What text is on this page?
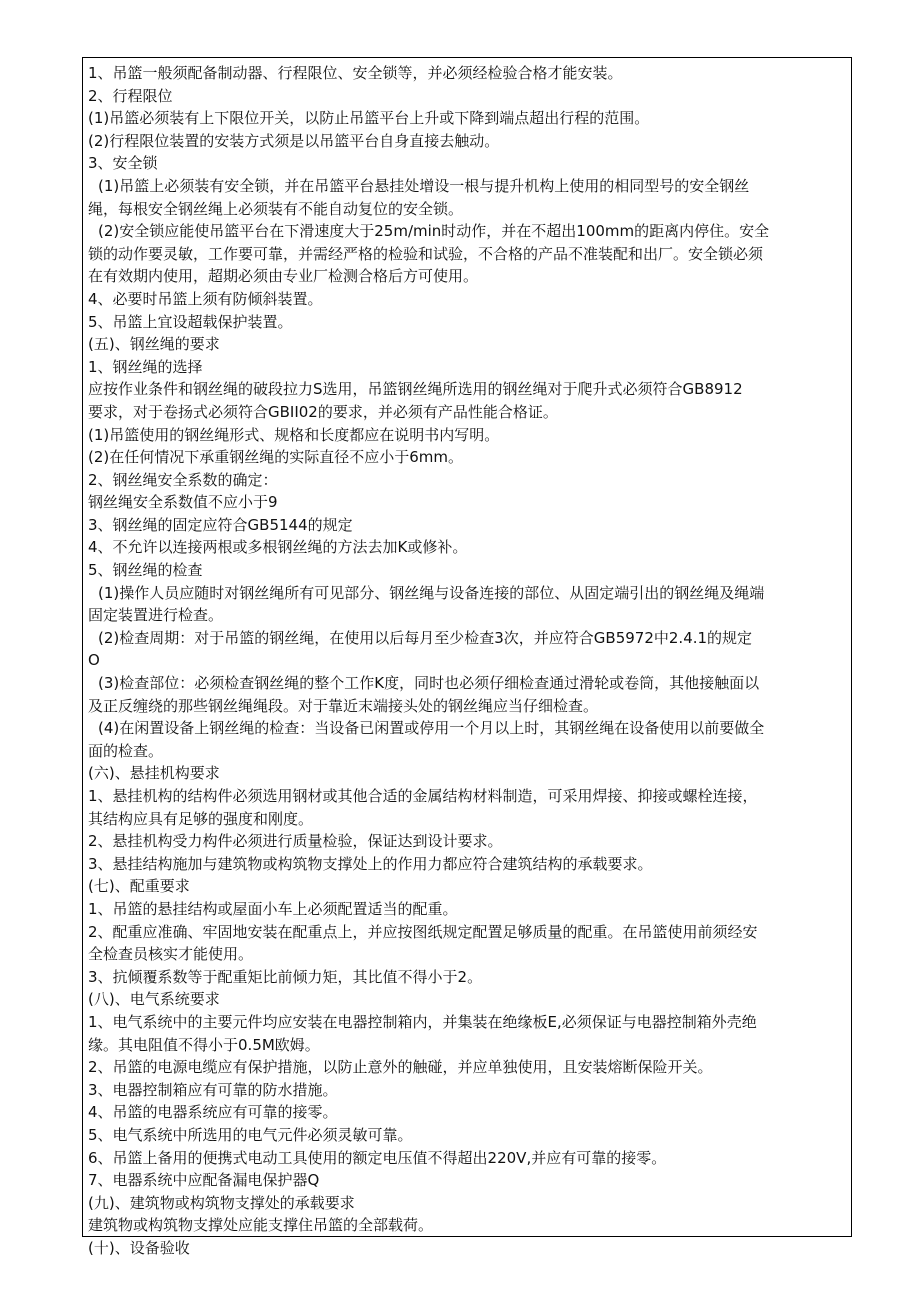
1、吊篮一般须配备制动器、行程限位、安全锁等，并必须经检验合格才能安装。
2、行程限位
(1)吊篮必须装有上下限位开关，以防止吊篮平台上升或下降到端点超出行程的范围。
(2)行程限位装置的安装方式须是以吊篮平台自身直接去触动。
3、安全锁
(1)吊篮上必须装有安全锁，并在吊篮平台悬挂处增设一根与提升机构上使用的相同型号的安全钢丝
绳，每根安全钢丝绳上必须装有不能自动复位的安全锁。
(2)安全锁应能使吊篮平台在下滑速度大于25m∕min时动作，并在不超出100mm的距离内停住。安全
锁的动作要灵敏，工作要可靠，并需经严格的检验和试验，不合格的产品不准装配和出厂。安全锁必须
在有效期内使用，超期必须由专业厂检测合格后方可使用。
4、必要时吊篮上须有防倾斜装置。
5、吊篮上宜设超载保护装置。
(五)、钢丝绳的要求
1、钢丝绳的选择
应按作业条件和钢丝绳的破段拉力S选用，吊篮钢丝绳所选用的钢丝绳对于爬升式必须符合GB8912
要求，对于卷扬式必须符合GBII02的要求，并必须有产品性能合格证。
(1)吊篮使用的钢丝绳形式、规格和长度都应在说明书内写明。
(2)在任何情况下承重钢丝绳的实际直径不应小于6mm。
2、钢丝绳安全系数的确定：
钢丝绳安全系数值不应小于9
3、钢丝绳的固定应符合GB5144的规定
4、不允许以连接两根或多根钢丝绳的方法去加K或修补。
5、钢丝绳的检查
(1)操作人员应随时对钢丝绳所有可见部分、钢丝绳与设备连接的部位、从固定端引出的钢丝绳及绳端
固定装置进行检查。
(2)检查周期：对于吊篮的钢丝绳，在使用以后每月至少检查3次，并应符合GB5972中2.4.1的规定
O
(3)检查部位：必须检查钢丝绳的整个工作K度，同时也必须仔细检查通过滑轮或卷筒，其他接触面以
及正反缠绕的那些钢丝绳绳段。对于靠近末端接头处的钢丝绳应当仔细检查。
(4)在闲置设备上钢丝绳的检查：当设备已闲置或停用一个月以上时，其钢丝绳在设备使用以前要做全
面的检查。
(六)、悬挂机构要求
1、悬挂机构的结构件必须选用钢材或其他合适的金属结构材料制造，可采用焊接、抑接或螺栓连接，
其结构应具有足够的强度和刚度。
2、悬挂机构受力构件必须进行质量检验，保证达到设计要求。
3、悬挂结构施加与建筑物或构筑物支撑处上的作用力都应符合建筑结构的承载要求。
(七)、配重要求
1、吊篮的悬挂结构或屋面小车上必须配置适当的配重。
2、配重应准确、牢固地安装在配重点上，并应按图纸规定配置足够质量的配重。在吊篮使用前须经安
全检查员核实才能使用。
3、抗倾覆系数等于配重矩比前倾力矩，其比值不得小于2。
(八)、电气系统要求
1、电气系统中的主要元件均应安装在电器控制箱内，并集装在绝缘板E,必须保证与电器控制箱外壳绝
缘。其电阻值不得小于0.5M欧姆。
2、吊篮的电源电缆应有保护措施，以防止意外的触碰，并应单独使用，且安装熔断保险开关。
3、电器控制箱应有可靠的防水措施。
4、吊篮的电器系统应有可靠的接零。
5、电气系统中所选用的电气元件必须灵敏可靠。
6、吊篮上备用的便携式电动工具使用的额定电压值不得超出220V,并应有可靠的接零。
7、电器系统中应配备漏电保护器Q
(九)、建筑物或构筑物支撑处的承载要求
建筑物或构筑物支撑处应能支撑住吊篮的全部载荷。
(十)、设备验收
